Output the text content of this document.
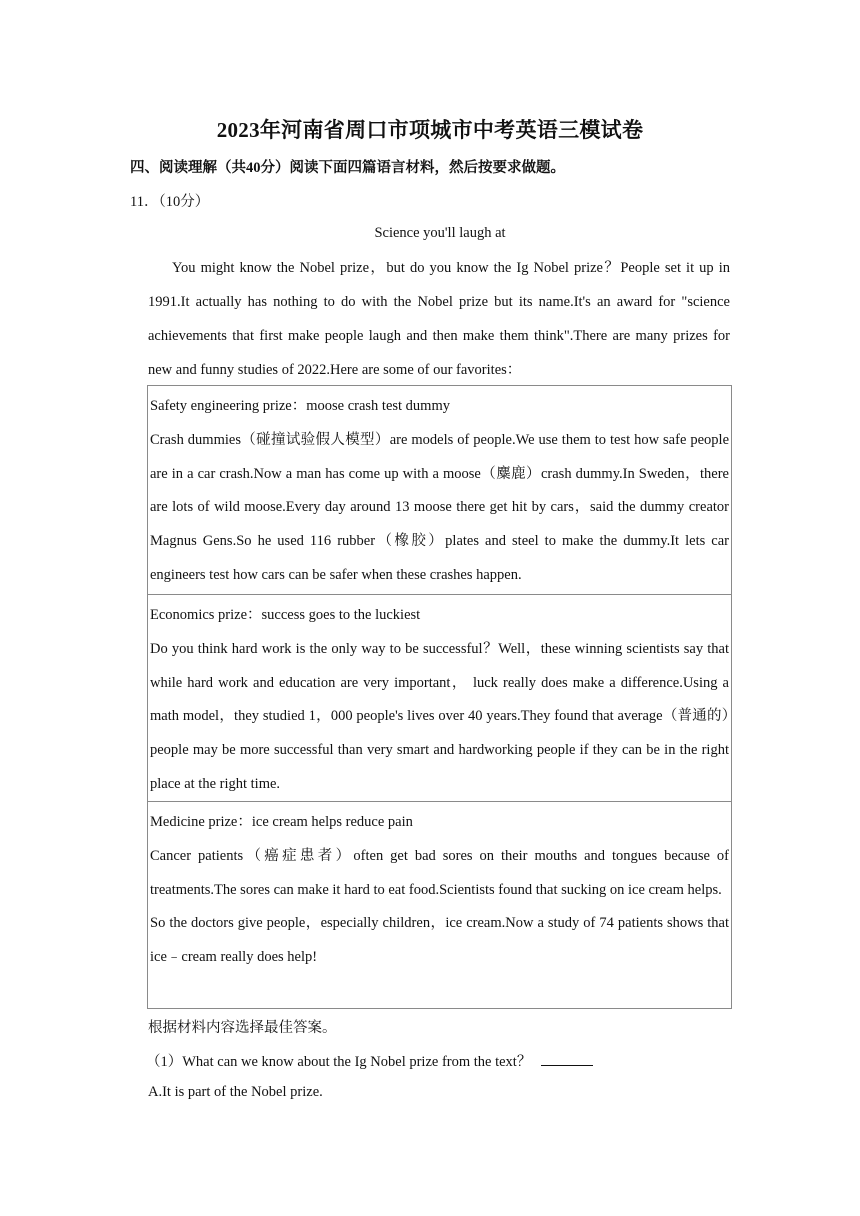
2023年河南省周口市项城市中考英语三模试卷
四、阅读理解（共40分）阅读下面四篇语言材料，然后按要求做题。
11．（10分）
Science you'll laugh at

You might know the Nobel prize，but do you know the Ig Nobel prize？People set it up in 1991.It actually has nothing to do with the Nobel prize but its name.It's an award for "science achievements that first make people laugh and then make them think".There are many prizes for new and funny studies of 2022.Here are some of our favorites：

Safety engineering prize：moose crash test dummy

Crash dummies（碰撞试验假人模型）are models of people.We use them to test how safe people are in a car crash.Now a man has come up with a moose（麋鹿）crash dummy.In Sweden，there are lots of wild moose.Every day around 13 moose there get hit by cars，said the dummy creator Magnus Gens.So he used 116 rubber（橡胶）plates and steel to make the dummy.It lets car engineers test how cars can be safer when these crashes happen.

Economics prize：success goes to the luckiest

Do you think hard work is the only way to be successful？Well，these winning scientists say that while hard work and education are very important， luck really does make a difference.Using a math model，they studied 1，000 people's lives over 40 years.They found that average（普通的）people may be more successful than very smart and hardworking people if they can be in the right place at the right time.

Medicine prize：ice cream helps reduce pain

Cancer patients（癌症患者）often get bad sores on their mouths and tongues because of treatments.The sores can make it hard to eat food.Scientists found that sucking on ice cream helps.

So the doctors give people，especially children，ice cream.Now a study of 74 patients shows that ice﹣cream really does help!

根据材料内容选择最佳答案。
（1）What can we know about the Ig Nobel prize from the text？
A.It is part of the Nobel prize.
